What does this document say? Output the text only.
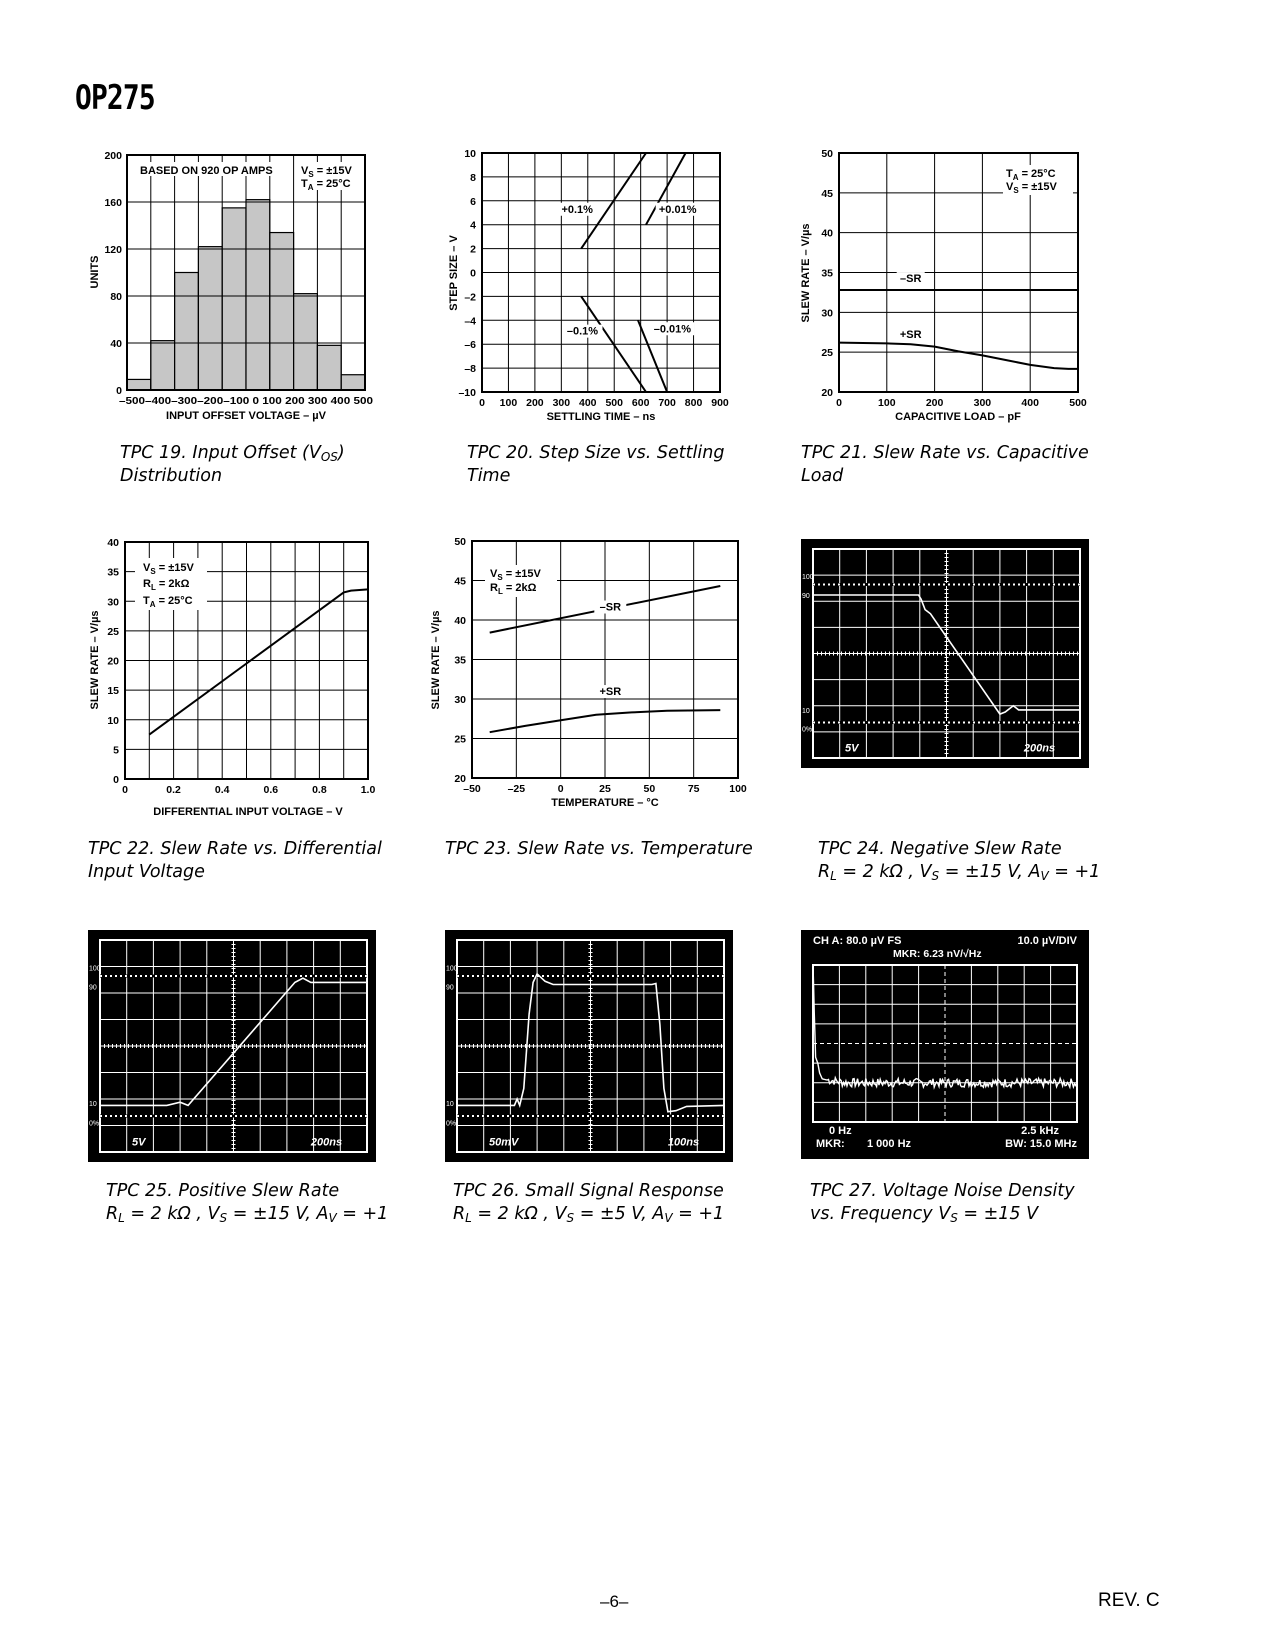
OP275
0
40
80
120
160
200
–500–400–300–200–100 0 100 200 300 400 500
INPUT OFFSET VOLTAGE – µV
UNITS
BASED ON 920 OP AMPS	$V_S = \pm 15V$
$T_A = 25^\circ C$
TPC 19. Input Offset $(V_{OS})$
Distribution
0 100 200 300 400 500 600 700 800 900
10
8
6
4
2
0
–2
–4
–6
–8
–10
+0.1%	+0.01%
–0.1%	–0.01%
SETTLING TIME – ns
STEP SIZE – V
TPC 20. Step Size vs. Settling
Time
0	100	200	300	400	500
20
25
30
35
40
45
50
–SR
+SR
$T_A = 25^\circ C$
$V_S = \pm 15V$
CAPACITIVE LOAD – pF
SLEW RATE – V/µs
TPC 21. Slew Rate vs. Capacitive
Load
0	0.2	0.4	0.6	0.8	1.0
0
5
10
15
20
25
30
35
40
$V_S = \pm 15V$
$R_L = 2k\Omega$
$T_A = 25^\circ C$
DIFFERENTIAL INPUT VOLTAGE – V
SLEW RATE – V/µs
TPC 22. Slew Rate vs. Differential
Input Voltage
–50	–25	0	25	50	75	100
20
25
30
35
40
45
50
–SR
+SR
$V_S = \pm 15V$
$R_L = 2k\Omega$
TEMPERATURE – °C
SLEW RATE – V/µs
TPC 23. Slew Rate vs. Temperature
100
90
10
0%
5V	200ns
TPC 24. Negative Slew Rate
$R_L = 2$ kΩ , $V_S = \pm 15$ V, $A_V = +1$
100
90
10
0%
5V	200ns
TPC 25. Positive Slew Rate
$R_L = 2$ kΩ , $V_S = \pm 15$ V, $A_V = +1$
100
90
10
0%
50mV	100ns
TPC 26. Small Signal Response
$R_L = 2$ kΩ , $V_S = \pm 5$ V, $A_V = +1$
CH A: 80.0 µV FS	10.0 µV/DIV
MKR: 6.23 nV/√Hz
0 Hz	2.5 kHz
MKR: 1 000 Hz	BW: 15.0 MHz
TPC 27. Voltage Noise Density
vs. Frequency $V_S = \pm 15$ V
–6–	REV. C
